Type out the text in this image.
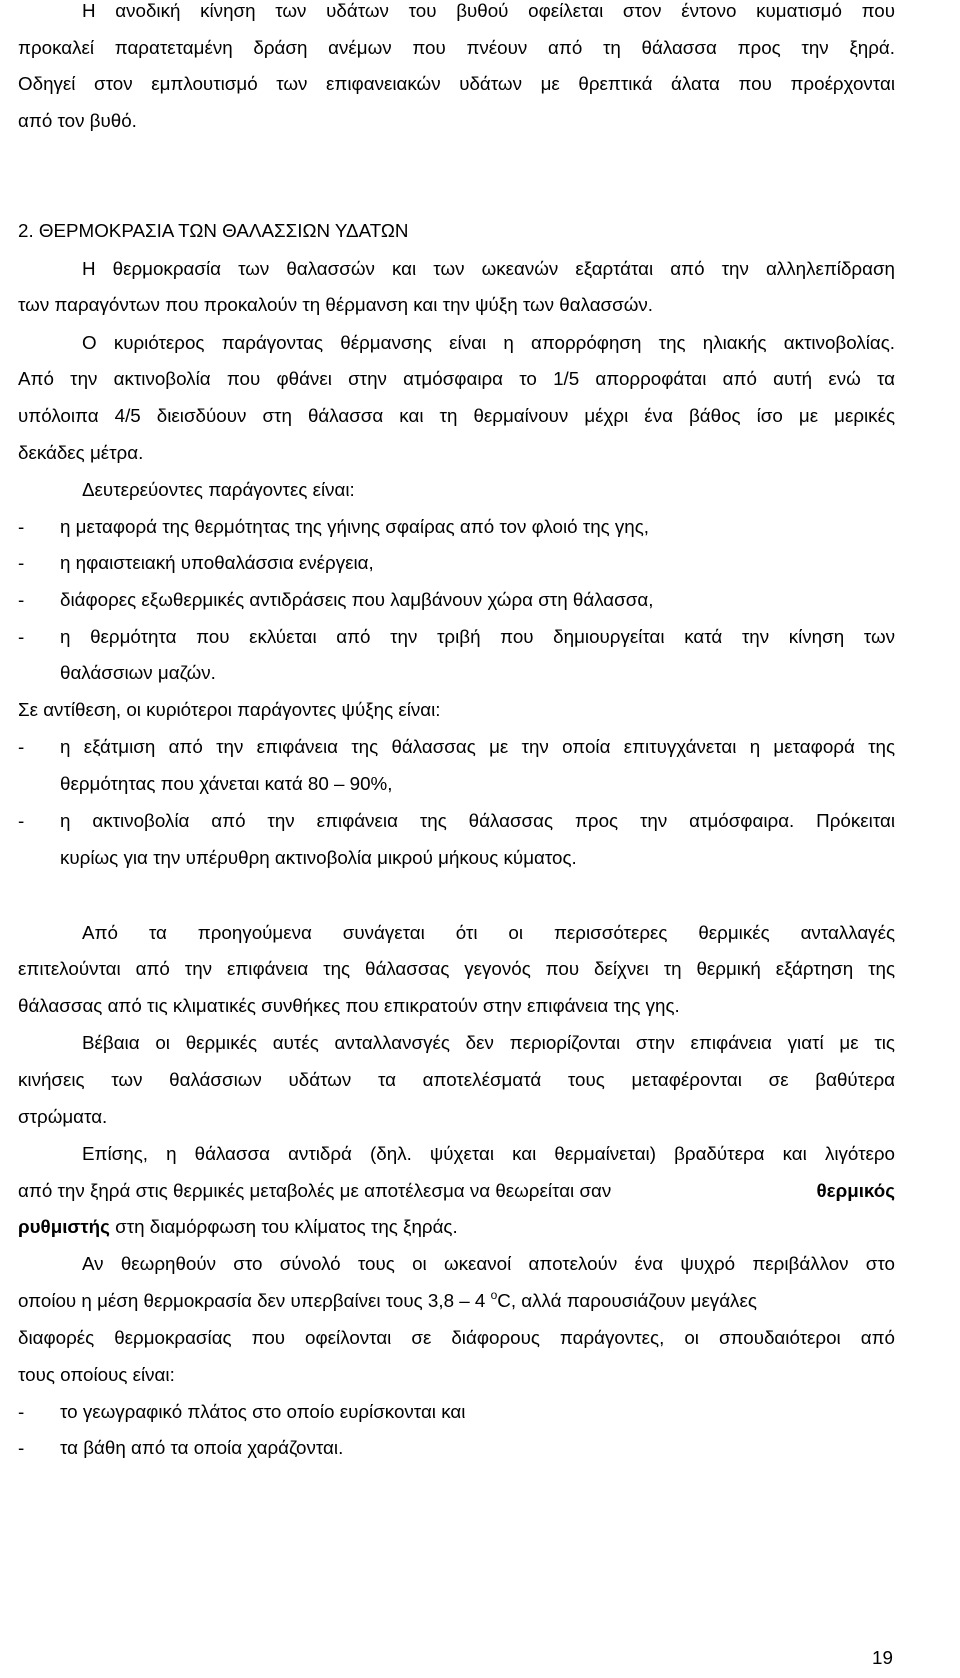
Η ανοδική κίνηση των υδάτων του βυθού οφείλεται στον έντονο κυματισμό που
προκαλεί παρατεταμένη δράση ανέμων που πνέουν από τη θάλασσα προς την ξηρά.
Οδηγεί στον εμπλουτισμό των επιφανειακών υδάτων με θρεπτικά άλατα που προέρχονται
από τον βυθό.
2. ΘΕΡΜΟΚΡΑΣΙΑ ΤΩΝ ΘΑΛΑΣΣΙΩΝ ΥΔΑΤΩΝ
Η θερμοκρασία των θαλασσών και των ωκεανών εξαρτάται από την αλληλεπίδραση
των παραγόντων που προκαλούν τη θέρμανση και την ψύξη των θαλασσών.
Ο κυριότερος παράγοντας θέρμανσης είναι η απορρόφηση της ηλιακής ακτινοβολίας.
Από την ακτινοβολία που φθάνει στην ατμόσφαιρα το 1/5 απορροφάται από αυτή ενώ τα
υπόλοιπα 4/5 διεισδύουν στη θάλασσα και τη θερμαίνουν μέχρι ένα βάθος ίσο με μερικές
δεκάδες μέτρα.
Δευτερεύοντες παράγοντες είναι:
- η μεταφορά της θερμότητας της γήινης σφαίρας από τον φλοιό της γης,
- η ηφαιστειακή υποθαλάσσια ενέργεια,
- διάφορες εξωθερμικές αντιδράσεις που λαμβάνουν χώρα στη θάλασσα,
- η θερμότητα που εκλύεται από την τριβή που δημιουργείται κατά την κίνηση των
θαλάσσιων μαζών.
Σε αντίθεση, οι κυριότεροι παράγοντες ψύξης είναι:
- η εξάτμιση από την επιφάνεια της θάλασσας με την οποία επιτυγχάνεται η μεταφορά της
θερμότητας που χάνεται κατά 80 – 90%,
- η ακτινοβολία από την επιφάνεια της θάλασσας προς την ατμόσφαιρα. Πρόκειται
κυρίως για την υπέρυθρη ακτινοβολία μικρού μήκους κύματος.
Από τα προηγούμενα συνάγεται ότι οι περισσότερες θερμικές ανταλλαγές
επιτελούνται από την επιφάνεια της θάλασσας γεγονός που δείχνει τη θερμική εξάρτηση της
θάλασσας από τις κλιματικές συνθήκες που επικρατούν στην επιφάνεια της γης.
Βέβαια οι θερμικές αυτές ανταλλανσγές δεν περιορίζονται στην επιφάνεια γιατί με τις
κινήσεις των θαλάσσιων υδάτων τα αποτελέσματά τους μεταφέρονται σε βαθύτερα
στρώματα.
Επίσης, η θάλασσα αντιδρά (δηλ. ψύχεται και θερμαίνεται) βραδύτερα και λιγότερο
από την ξηρά στις θερμικές μεταβολές με αποτέλεσμα να θεωρείται σαν	θερμικός
ρυθμιστής στη διαμόρφωση του κλίματος της ξηράς.
Αν θεωρηθούν στο σύνολό τους οι ωκεανοί αποτελούν ένα ψυχρό περιβάλλον στο
οποίου η μέση θερμοκρασία δεν υπερβαίνει τους 3,8 – 4 $^o$C, αλλά παρουσιάζουν μεγάλες
διαφορές θερμοκρασίας που οφείλονται σε διάφορους παράγοντες, οι σπουδαιότεροι από
τους οποίους είναι:
- το γεωγραφικό πλάτος στο οποίο ευρίσκονται και
- τα βάθη από τα οποία χαράζονται.
19
